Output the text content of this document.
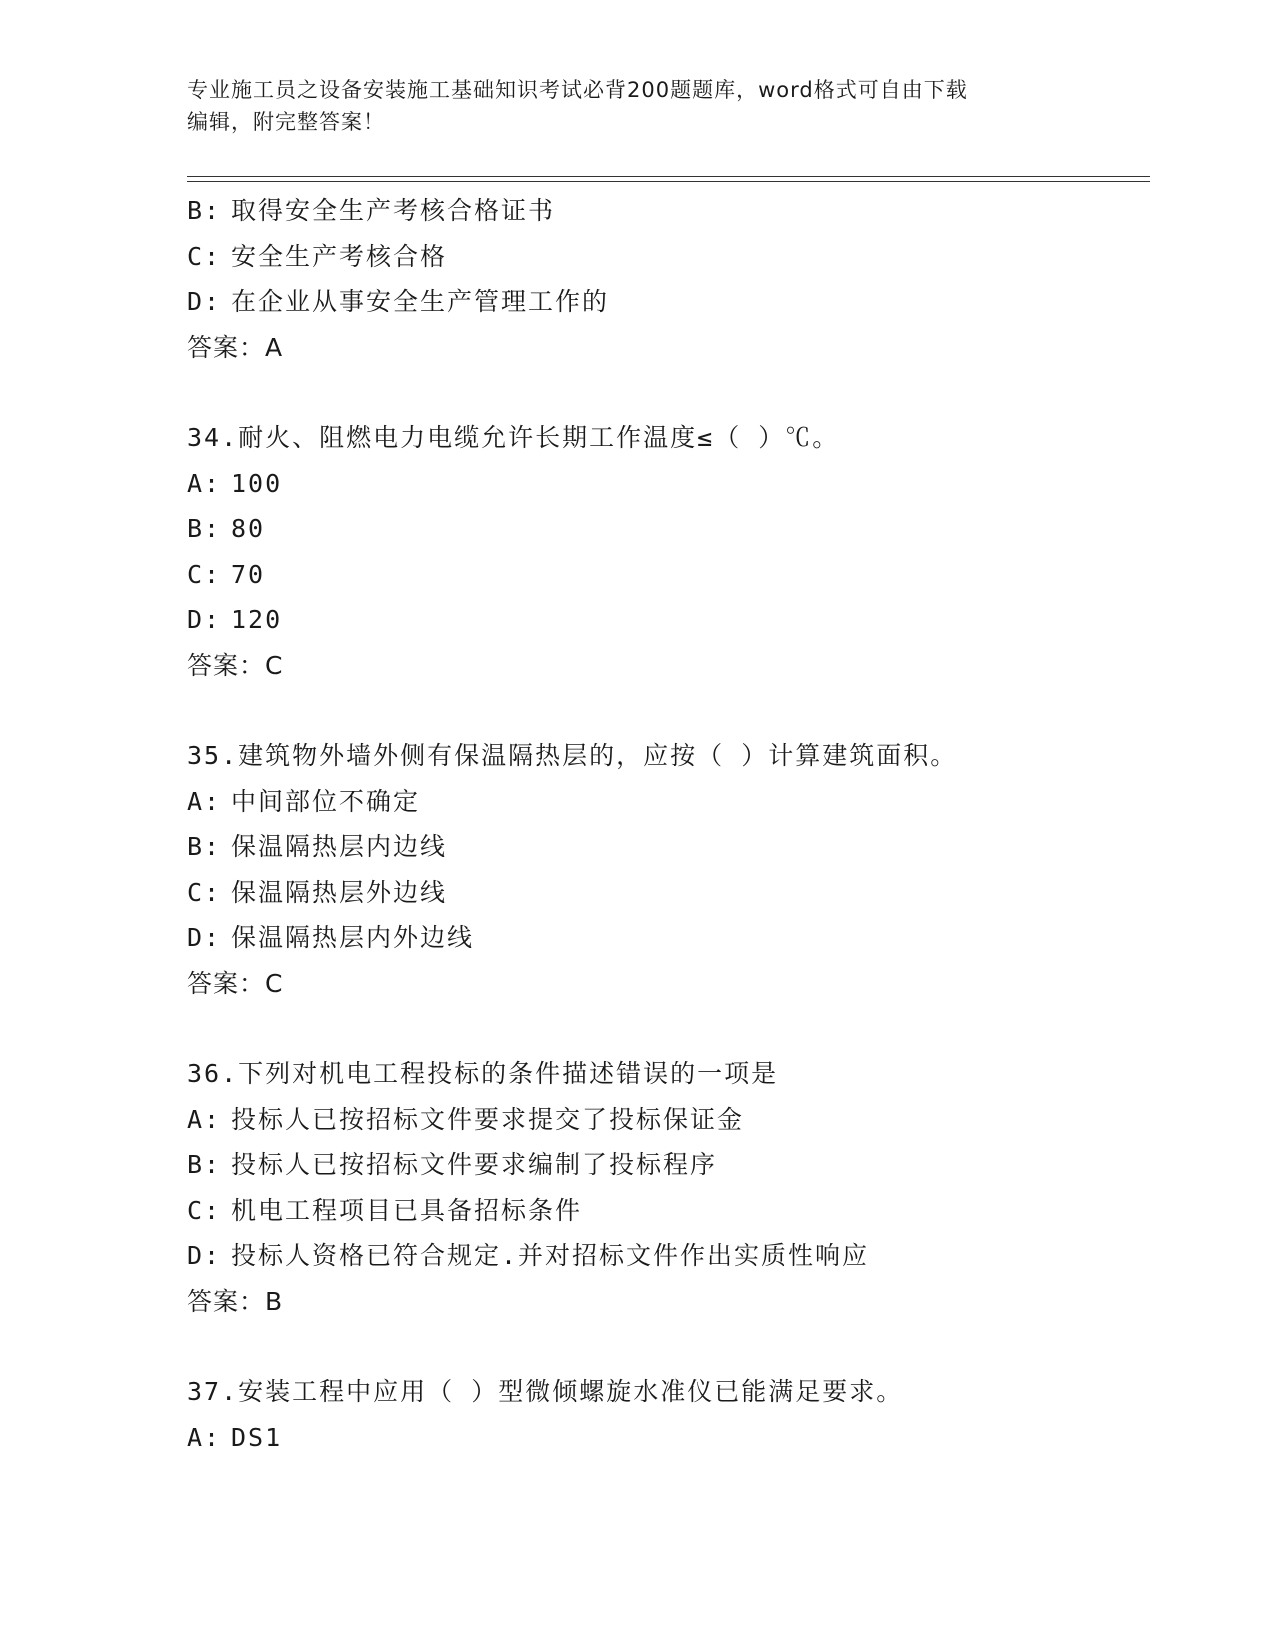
专业施工员之设备安装施工基础知识考试必背200题题库，word格式可自由下载
编辑，附完整答案！
B: 取得安全生产考核合格证书
C: 安全生产考核合格
D: 在企业从事安全生产管理工作的
答案：A
34.耐火、阻燃电力电缆允许长期工作温度≤（ ）℃。
A: 100
B: 80
C: 70
D: 120
答案：C
35.建筑物外墙外侧有保温隔热层的，应按（ ）计算建筑面积。
A: 中间部位不确定
B: 保温隔热层内边线
C: 保温隔热层外边线
D: 保温隔热层内外边线
答案：C
36.下列对机电工程投标的条件描述错误的一项是
A: 投标人已按招标文件要求提交了投标保证金
B: 投标人已按招标文件要求编制了投标程序
C: 机电工程项目已具备招标条件
D: 投标人资格已符合规定.并对招标文件作出实质性响应
答案：B
37.安装工程中应用（ ）型微倾螺旋水准仪已能满足要求。
A: DS1
